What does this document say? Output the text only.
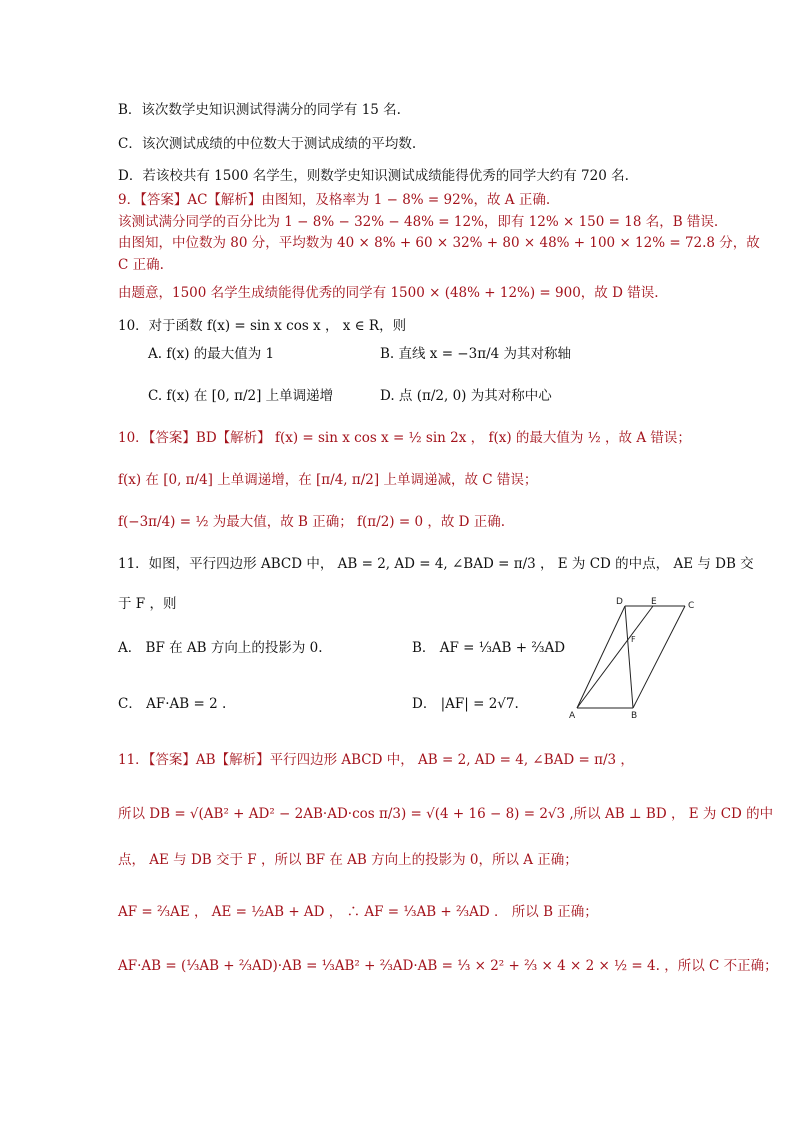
B．该次数学史知识测试得满分的同学有 15 名.
C．该次测试成绩的中位数大于测试成绩的平均数.
D．若该校共有 1500 名学生，则数学史知识测试成绩能得优秀的同学大约有 720 名.
9．【答案】AC【解析】由图知，及格率为 1 − 8% = 92%，故 A 正确.
该测试满分同学的百分比为 1 − 8% − 32% − 48% = 12%，即有 12% × 150 = 18 名，B 错误.
由图知，中位数为 80 分，平均数为 40 × 8% + 60 × 32% + 80 × 48% + 100 × 12% = 72.8 分，故
C 正确.
由题意，1500 名学生成绩能得优秀的同学有 1500 × (48% + 12%) = 900，故 D 错误.
10．对于函数 f(x) = sin x cos x ， x ∈ R，则
A. f(x) 的最大值为 1	B. 直线 x = −3π/4 为其对称轴
C. f(x) 在 [0, π/2] 上单调递增	D. 点 (π/2, 0) 为其对称中心
10．【答案】BD【解析】 f(x) = sin x cos x = ½ sin 2x ， f(x) 的最大值为 ½ ，故 A 错误；
f(x) 在 [0, π/4] 上单调递增，在 [π/4, π/2] 上单调递减，故 C 错误；
f(−3π/4) = ½ 为最大值，故 B 正确； f(π/2) = 0 ，故 D 正确.
11．如图，平行四边形 ABCD 中， AB = 2, AD = 4, ∠BAD = π/3 ， E 为 CD 的中点， AE 与 DB 交
于 F ，则
A． BF 在 AB 方向上的投影为 0.	B． AF = ⅓AB + ⅔AD
C． AF·AB = 2 .	D． |AF| = 2√7.
A	B
C
D	E
F
11．【答案】AB【解析】平行四边形 ABCD 中， AB = 2, AD = 4, ∠BAD = π/3 ，
所以 DB = √(AB² + AD² − 2AB·AD·cos π/3) = √(4 + 16 − 8) = 2√3 ,所以 AB ⊥ BD ， E 为 CD 的中
点， AE 与 DB 交于 F ，所以 BF 在 AB 方向上的投影为 0，所以 A 正确；
AF = ⅔AE ， AE = ½AB + AD ， ∴ AF = ⅓AB + ⅔AD ． 所以 B 正确；
AF·AB = (⅓AB + ⅔AD)·AB = ⅓AB² + ⅔AD·AB = ⅓ × 2² + ⅔ × 4 × 2 × ½ = 4. ，所以 C 不正确；
